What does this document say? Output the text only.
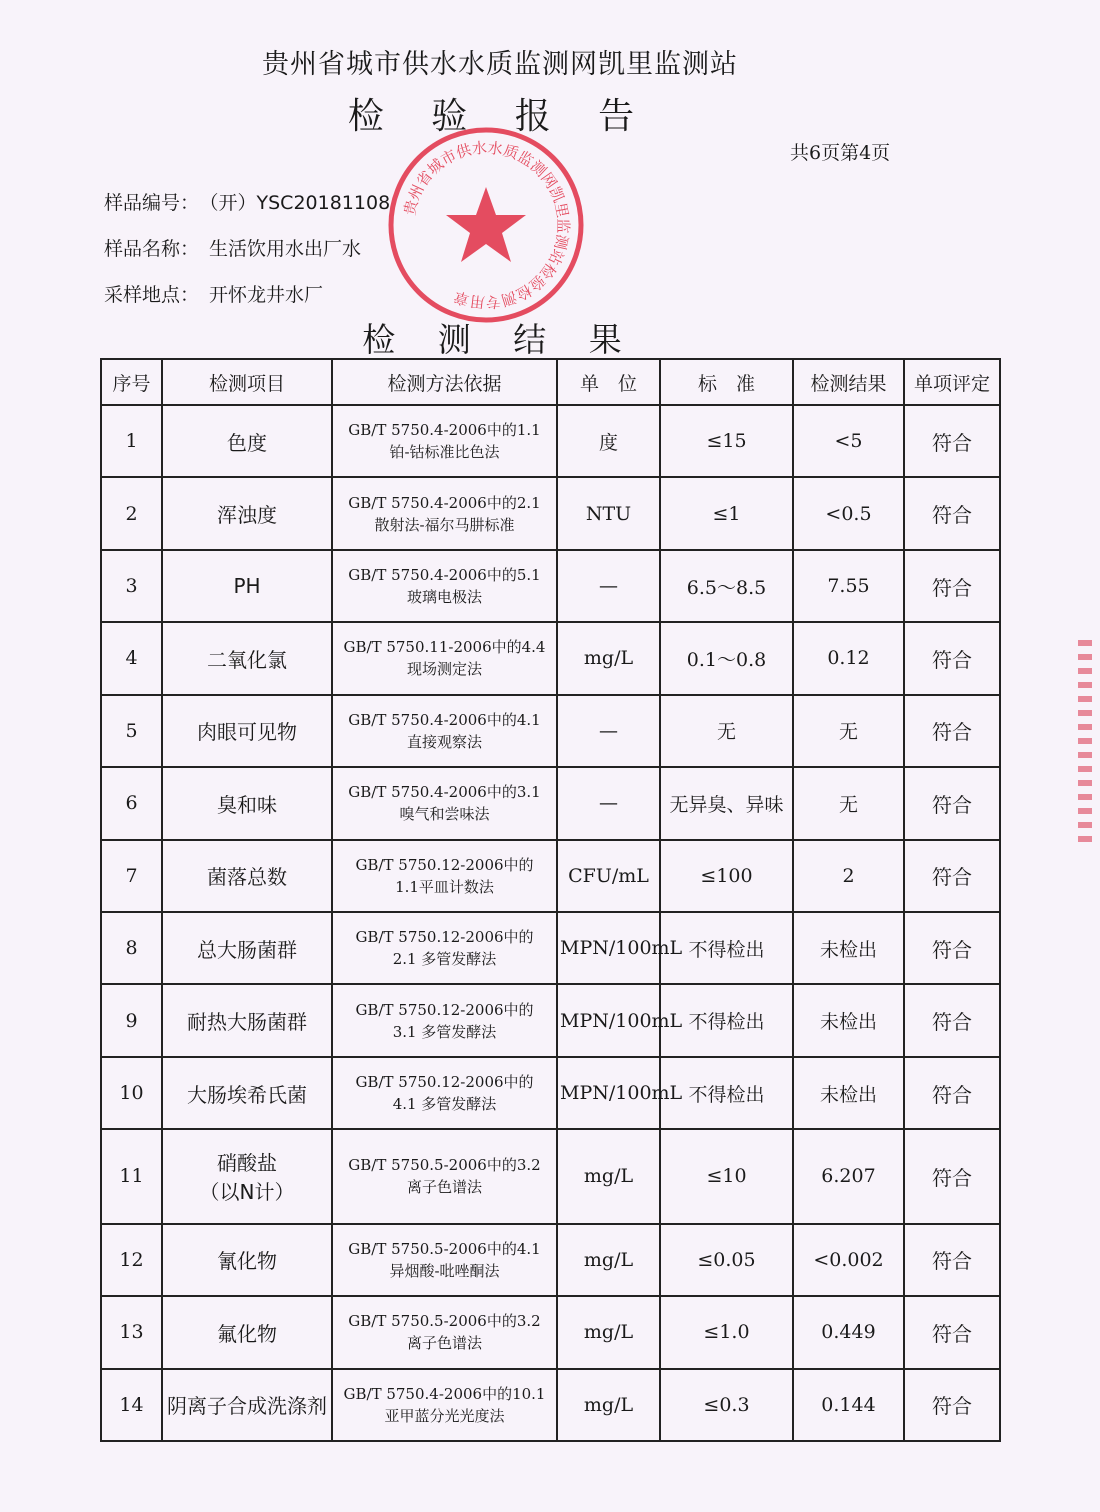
贵州省城市供水水质监测网凯里监测站
检 验 报 告
共6页第4页
样品编号： （开）YSC20181108
样品名称： 生活饮用水出厂水
采样地点： 开怀龙井水厂
贵州省城市供水水质监测网凯里监测站检验检测专用章
检 测 结 果
序号	检测项目	检测方法依据	单　位	标　准	检测结果	单项评定
1	色度	GB/T 5750.4-2006中的1.1
铂-钴标准比色法	度	≤15	<5	符合
2	浑浊度	GB/T 5750.4-2006中的2.1
散射法-福尔马肼标准	NTU	≤1	<0.5	符合
3	PH	GB/T 5750.4-2006中的5.1
玻璃电极法	—	6.5～8.5	7.55	符合
4	二氧化氯	GB/T 5750.11-2006中的4.4
现场测定法	mg/L	0.1～0.8	0.12	符合
5	肉眼可见物	GB/T 5750.4-2006中的4.1
直接观察法	—	无	无	符合
6	臭和味	GB/T 5750.4-2006中的3.1
嗅气和尝味法	—	无异臭、异味	无	符合
7	菌落总数	GB/T 5750.12-2006中的
1.1平皿计数法	CFU/mL	≤100	2	符合
8	总大肠菌群	GB/T 5750.12-2006中的
2.1 多管发酵法	MPN/100mL	不得检出	未检出	符合
9	耐热大肠菌群	GB/T 5750.12-2006中的
3.1 多管发酵法	MPN/100mL	不得检出	未检出	符合
10	大肠埃希氏菌	GB/T 5750.12-2006中的
4.1 多管发酵法	MPN/100mL	不得检出	未检出	符合
11	硝酸盐
（以N计）	GB/T 5750.5-2006中的3.2
离子色谱法	mg/L	≤10	6.207	符合
12	氰化物	GB/T 5750.5-2006中的4.1
异烟酸-吡唑酮法	mg/L	≤0.05	<0.002	符合
13	氟化物	GB/T 5750.5-2006中的3.2
离子色谱法	mg/L	≤1.0	0.449	符合
14	阴离子合成洗涤剂	GB/T 5750.4-2006中的10.1
亚甲蓝分光光度法	mg/L	≤0.3	0.144	符合
